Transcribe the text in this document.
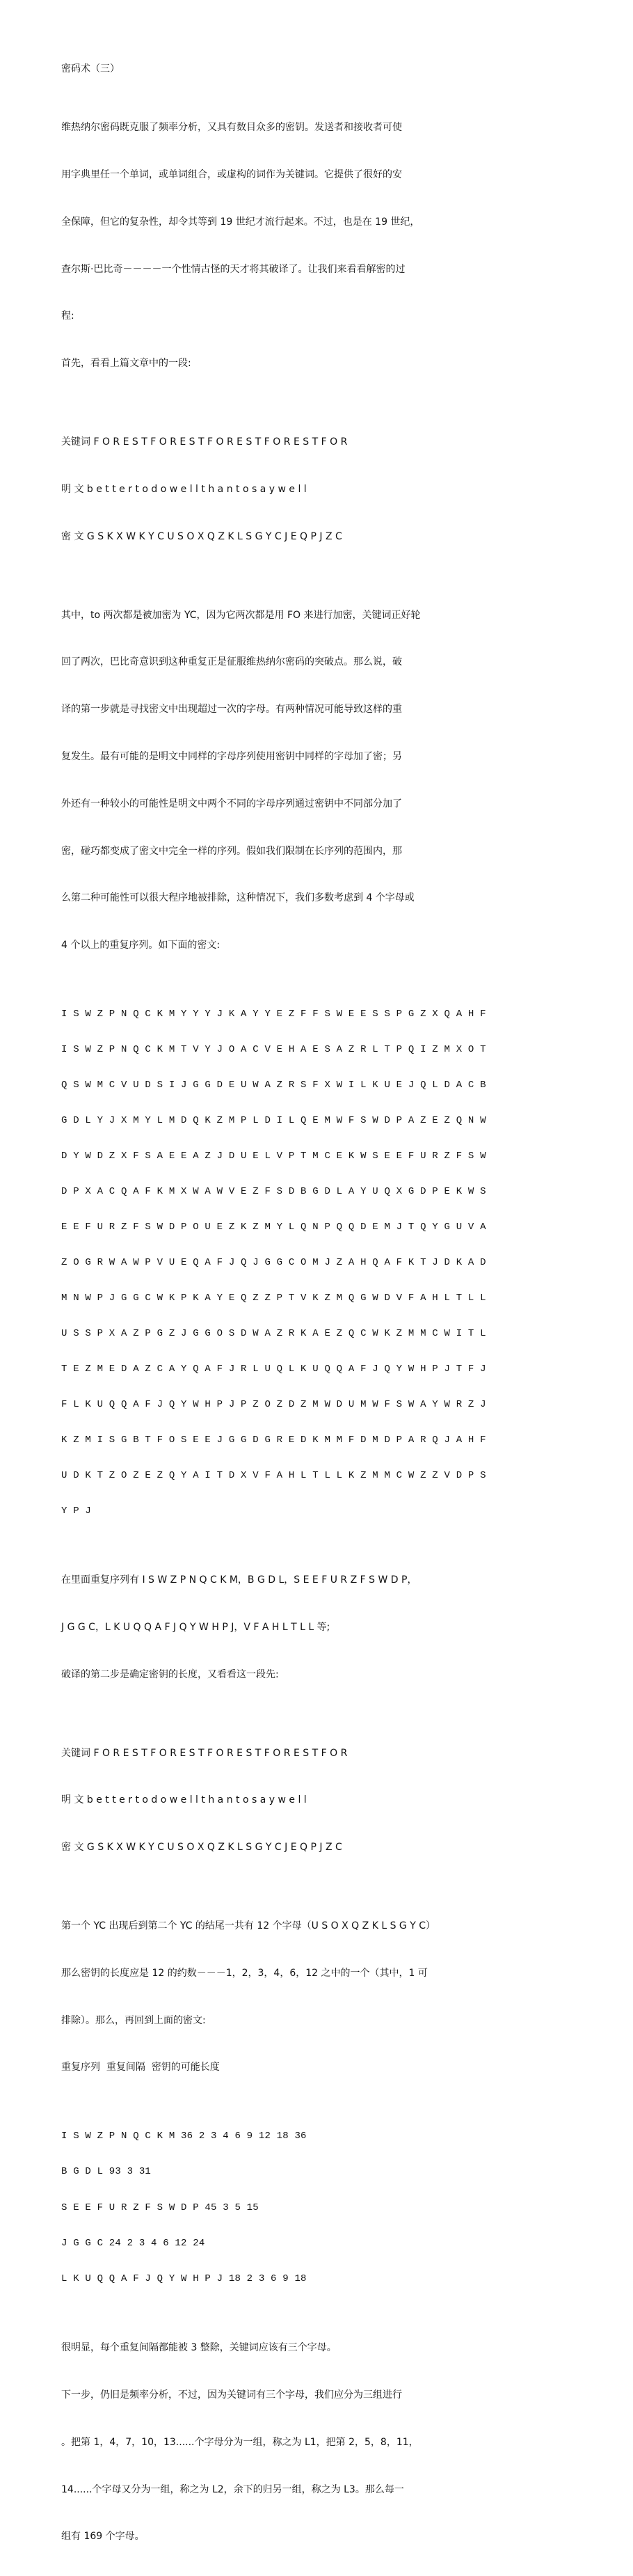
密码术（三）

维热纳尔密码既克服了频率分析，又具有数目众多的密钥。发送者和接收者可使

用字典里任一个单词，或单词组合，或虚构的词作为关键词。它提供了很好的安

全保障，但它的复杂性，却令其等到 19 世纪才流行起来。不过，也是在 19 世纪，

查尔斯·巴比奇－－－－一个性情古怪的天才将其破译了。让我们来看看解密的过

程:

首先，看看上篇文章中的一段:

关键词 F O R E S T F O R E S T F O R E S T F O R E S T F O R

明 文 b e t t e r t o d o w e l l t h a n t o s a y w e l l

密 文 G S K X W K Y C U S O X Q Z K L S G Y C J E Q P J Z C

其中，to 两次都是被加密为 YC，因为它两次都是用 FO 来进行加密，关键词正好轮

回了两次，巴比奇意识到这种重复正是征服维热纳尔密码的突破点。那么说，破

译的第一步就是寻找密文中出现超过一次的字母。有两种情况可能导致这样的重

复发生。最有可能的是明文中同样的字母序列使用密钥中同样的字母加了密；另

外还有一种较小的可能性是明文中两个不同的字母序列通过密钥中不同部分加了

密，碰巧都变成了密文中完全一样的序列。假如我们限制在长序列的范围内，那

么第二种可能性可以很大程序地被排除，这种情况下，我们多数考虑到 4 个字母或

4 个以上的重复序列。如下面的密文:

I S W Z P N Q C K M Y Y Y J K A Y Y E Z F F S W E E S S P G Z X Q A H F

I S W Z P N Q C K M T V Y J O A C V E H A E S A Z R L T P Q I Z M X O T

Q S W M C V U D S I J G G D E U W A Z R S F X W I L K U E J Q L D A C B

G D L Y J X M Y L M D Q K Z M P L D I L Q E M W F S W D P A Z E Z Q N W

D Y W D Z X F S A E E A Z J D U E L V P T M C E K W S E E F U R Z F S W

D P X A C Q A F K M X W A W V E Z F S D B G D L A Y U Q X G D P E K W S

E E F U R Z F S W D P O U E Z K Z M Y L Q N P Q Q D E M J T Q Y G U V A

Z O G R W A W P V U E Q A F J Q J G G C O M J Z A H Q A F K T J D K A D

M N W P J G G C W K P K A Y E Q Z Z P T V K Z M Q G W D V F A H L T L L

U S S P X A Z P G Z J G G O S D W A Z R K A E Z Q C W K Z M M C W I T L

T E Z M E D A Z C A Y Q A F J R L U Q L K U Q Q A F J Q Y W H P J T F J

F L K U Q Q A F J Q Y W H P J P Z O Z D Z M W D U M W F S W A Y W R Z J

K Z M I S G B T F O S E E J G G D G R E D K M M F D M D P A R Q J A H F

U D K T Z O Z E Z Q Y A I T D X V F A H L T L L K Z M M C W Z Z V D P S

Y P J

在里面重复序列有 I S W Z P N Q C K M，B G D L，S E E F U R Z F S W D P，

J G G C，L K U Q Q A F J Q Y W H P J，V F A H L T L L 等;

破译的第二步是确定密钥的长度，又看看这一段先:

关键词 F O R E S T F O R E S T F O R E S T F O R E S T F O R

明 文 b e t t e r t o d o w e l l t h a n t o s a y w e l l

密 文 G S K X W K Y C U S O X Q Z K L S G Y C J E Q P J Z C

第一个 YC 出现后到第二个 YC 的结尾一共有 12 个字母（U S O X Q Z K L S G Y C）

那么密钥的长度应是 12 的约数－－－1，2，3，4，6，12 之中的一个（其中，1 可

排除）。那么，再回到上面的密文:

重复序列  重复间隔  密钥的可能长度

I S W Z P N Q C K M 36 2 3 4 6 9 12 18 36

B G D L 93 3 31

S E E F U R Z F S W D P 45 3 5 15

J G G C 24 2 3 4 6 12 24

L K U Q Q A F J Q Y W H P J 18 2 3 6 9 18

很明显，每个重复间隔都能被 3 整除，关键词应该有三个字母。

下一步，仍旧是频率分析，不过，因为关键词有三个字母，我们应分为三组进行

。把第 1，4，7，10，13......个字母分为一组，称之为 L1，把第 2，5，8，11，

14......个字母又分为一组，称之为 L2，余下的归另一组，称之为 L3。那么每一

组有 169 个字母。
